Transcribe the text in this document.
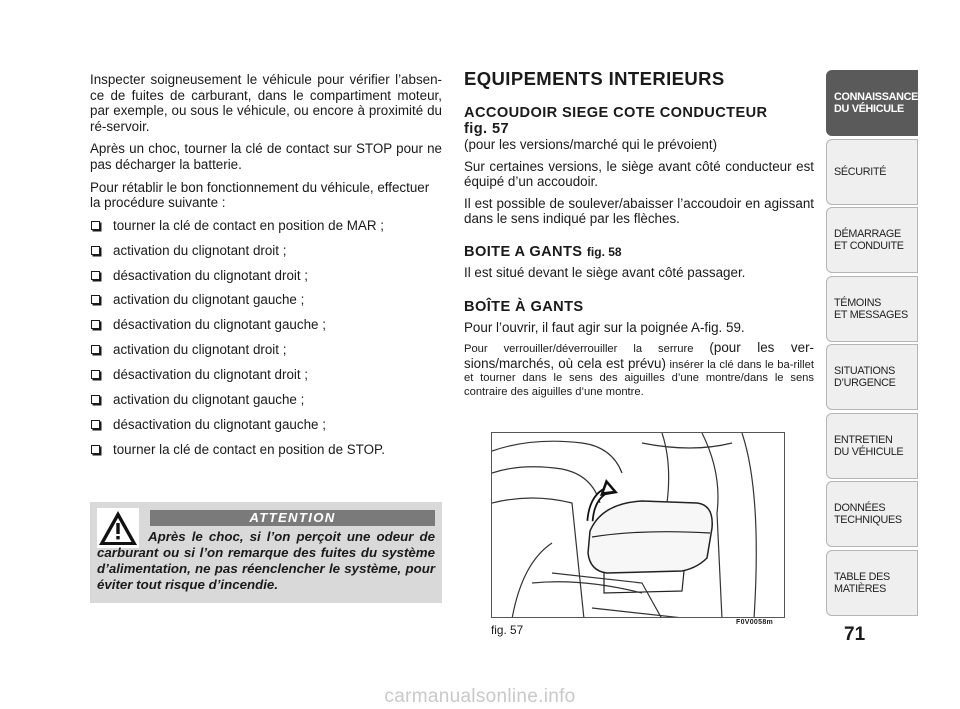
Inspecter soigneusement le véhicule pour vérifier l’absen-ce de fuites de carburant, dans le compartiment moteur, par exemple, ou sous le véhicule, ou encore à proximité du ré-servoir.

Après un choc, tourner la clé de contact sur STOP pour ne pas décharger la batterie.

Pour rétablir le bon fonctionnement du véhicule, effectuer la procédure suivante :

tourner la clé de contact en position de MAR ;
activation du clignotant droit ;
désactivation du clignotant droit ;
activation du clignotant gauche ;
désactivation du clignotant gauche ;
activation du clignotant droit ;
désactivation du clignotant droit ;
activation du clignotant gauche ;
désactivation du clignotant gauche ;
tourner la clé de contact en position de STOP.
ATTENTION
Après le choc, si l’on perçoit une odeur de carburant ou si l’on remarque des fuites du système d’alimentation, ne pas réenclencher le système, pour éviter tout risque d’incendie.
EQUIPEMENTS INTERIEURS
ACCOUDOIR SIEGE COTE CONDUCTEUR
fig. 57

(pour les versions/marché qui le prévoient)

Sur certaines versions, le siège avant côté conducteur est équipé d’un accoudoir.

Il est possible de soulever/abaisser l’accoudoir en agissant dans le sens indiqué par les flèches.

BOITE A GANTS fig. 58

Il est situé devant le siège avant côté passager.

BOÎTE À GANTS

Pour l’ouvrir, il faut agir sur la poignée A-fig. 59.

Pour verrouiller/déverrouiller la serrure (pour les ver-sions/marchés, où cela est prévu) insérer la clé dans le ba-rillet et tourner dans le sens des aiguilles d’une montre/dans le sens contraire des aiguilles d’une montre.

fig. 57
F0V0058m
CONNAISSANCE
DU VÉHICULE
SÉCURITÉ
DÉMARRAGE
ET CONDUITE
TÉMOINS
ET MESSAGES
SITUATIONS
D’URGENCE
ENTRETIEN
DU VÉHICULE
DONNÉES
TECHNIQUES
TABLE DES
MATIÈRES
71
carmanualsonline.info
